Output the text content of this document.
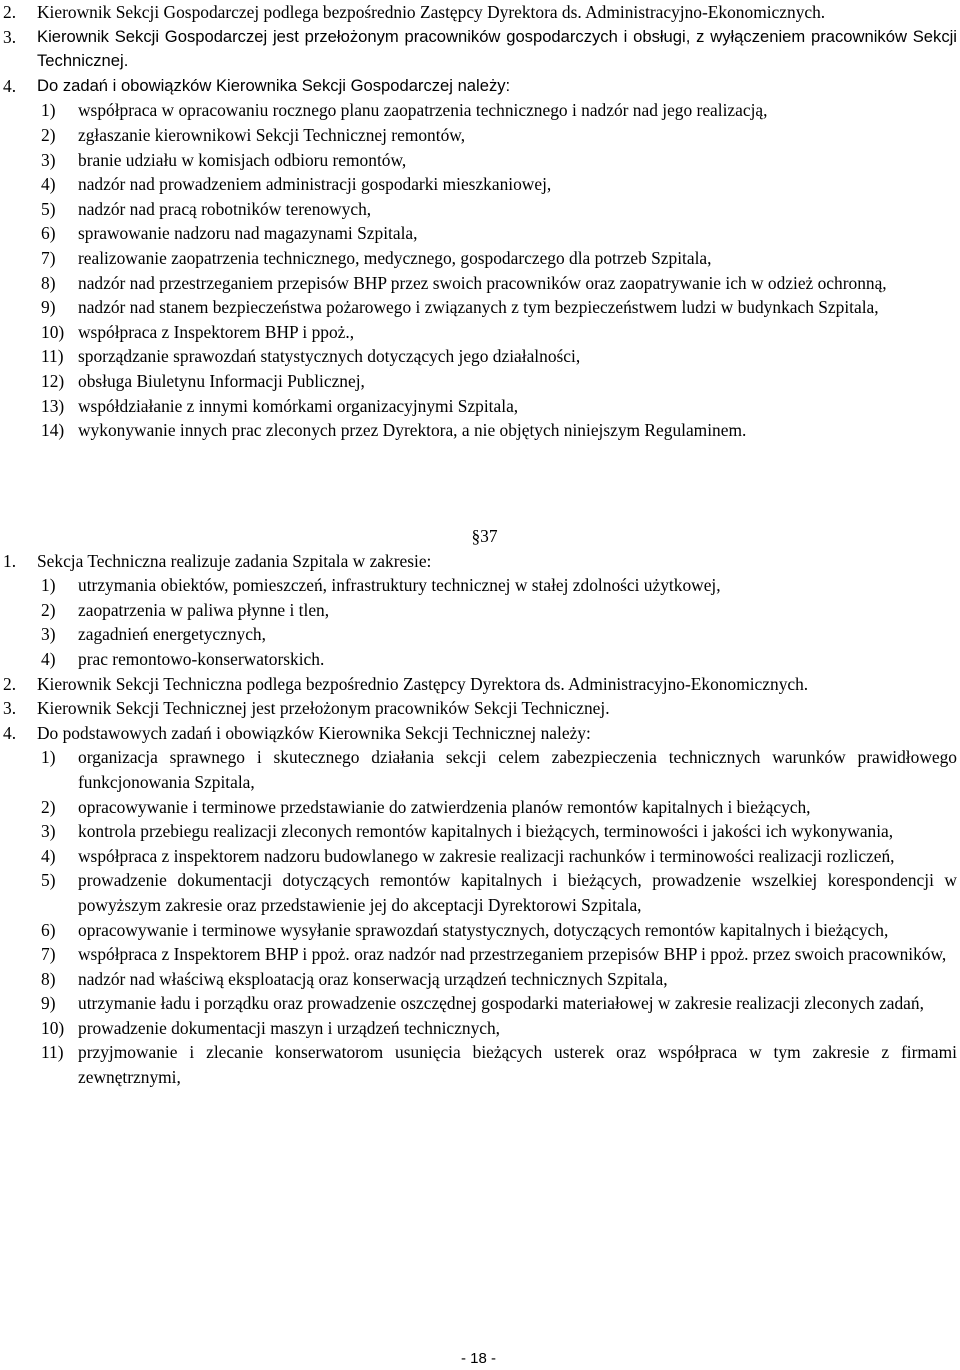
2.	Kierownik Sekcji Gospodarczej podlega bezpośrednio Zastępcy Dyrektora ds. Administracyjno-Ekonomicznych.
3.	Kierownik Sekcji Gospodarczej jest przełożonym pracowników gospodarczych i obsługi, z wyłączeniem pracowników Sekcji Technicznej.
4.	Do zadań i obowiązków Kierownika Sekcji Gospodarczej należy:
1)	współpraca w opracowaniu rocznego planu zaopatrzenia technicznego i nadzór nad jego realizacją,
2)	zgłaszanie kierownikowi Sekcji Technicznej remontów,
3)	branie udziału w komisjach odbioru remontów,
4)	nadzór nad prowadzeniem administracji gospodarki mieszkaniowej,
5)	nadzór nad pracą robotników terenowych,
6)	sprawowanie nadzoru nad magazynami Szpitala,
7)	realizowanie zaopatrzenia technicznego, medycznego, gospodarczego dla potrzeb Szpitala,
8)	nadzór nad przestrzeganiem przepisów BHP przez swoich pracowników oraz zaopatrywanie ich w odzież ochronną,
9)	nadzór nad stanem bezpieczeństwa pożarowego i związanych z tym bezpieczeństwem ludzi w budynkach Szpitala,
10) współpraca z Inspektorem BHP i ppoż.,
11) sporządzanie sprawozdań statystycznych dotyczących jego działalności,
12) obsługa Biuletynu Informacji Publicznej,
13) współdziałanie z innymi komórkami organizacyjnymi Szpitala,
14) wykonywanie innych prac zleconych przez Dyrektora, a nie objętych niniejszym Regulaminem.
§37
1.	Sekcja Techniczna realizuje zadania Szpitala w zakresie:
1)	utrzymania obiektów, pomieszczeń, infrastruktury technicznej w stałej zdolności użytkowej,
2)	zaopatrzenia w paliwa płynne i tlen,
3)	zagadnień energetycznych,
4)	prac remontowo-konserwatorskich.
2.	Kierownik Sekcji Techniczna podlega bezpośrednio Zastępcy Dyrektora ds. Administracyjno-Ekonomicznych.
3.	Kierownik Sekcji Technicznej jest przełożonym pracowników Sekcji Technicznej.
4.	Do podstawowych zadań i obowiązków Kierownika Sekcji Technicznej należy:
1)	organizacja sprawnego i skutecznego działania sekcji celem zabezpieczenia technicznych warunków prawidłowego funkcjonowania Szpitala,
2)	opracowywanie i terminowe przedstawianie do zatwierdzenia planów remontów kapitalnych i bieżących,
3)	kontrola przebiegu realizacji zleconych remontów kapitalnych i bieżących, terminowości i jakości ich wykonywania,
4)	współpraca z inspektorem nadzoru budowlanego w zakresie realizacji rachunków i terminowości realizacji rozliczeń,
5)	prowadzenie dokumentacji dotyczących remontów kapitalnych i bieżących, prowadzenie wszelkiej korespondencji w powyższym zakresie oraz przedstawienie jej do akceptacji Dyrektorowi Szpitala,
6)	opracowywanie i terminowe wysyłanie sprawozdań statystycznych, dotyczących remontów kapitalnych i bieżących,
7)	współpraca z Inspektorem BHP i ppoż. oraz nadzór nad przestrzeganiem przepisów BHP i ppoż. przez swoich pracowników,
8)	nadzór nad właściwą eksploatacją oraz konserwacją urządzeń technicznych Szpitala,
9)	utrzymanie ładu i porządku oraz prowadzenie oszczędnej gospodarki materiałowej w zakresie realizacji zleconych zadań,
10) prowadzenie dokumentacji maszyn i urządzeń technicznych,
11) przyjmowanie i zlecanie konserwatorom usunięcia bieżących usterek oraz współpraca w tym zakresie z firmami zewnętrznymi,
- 18 -
